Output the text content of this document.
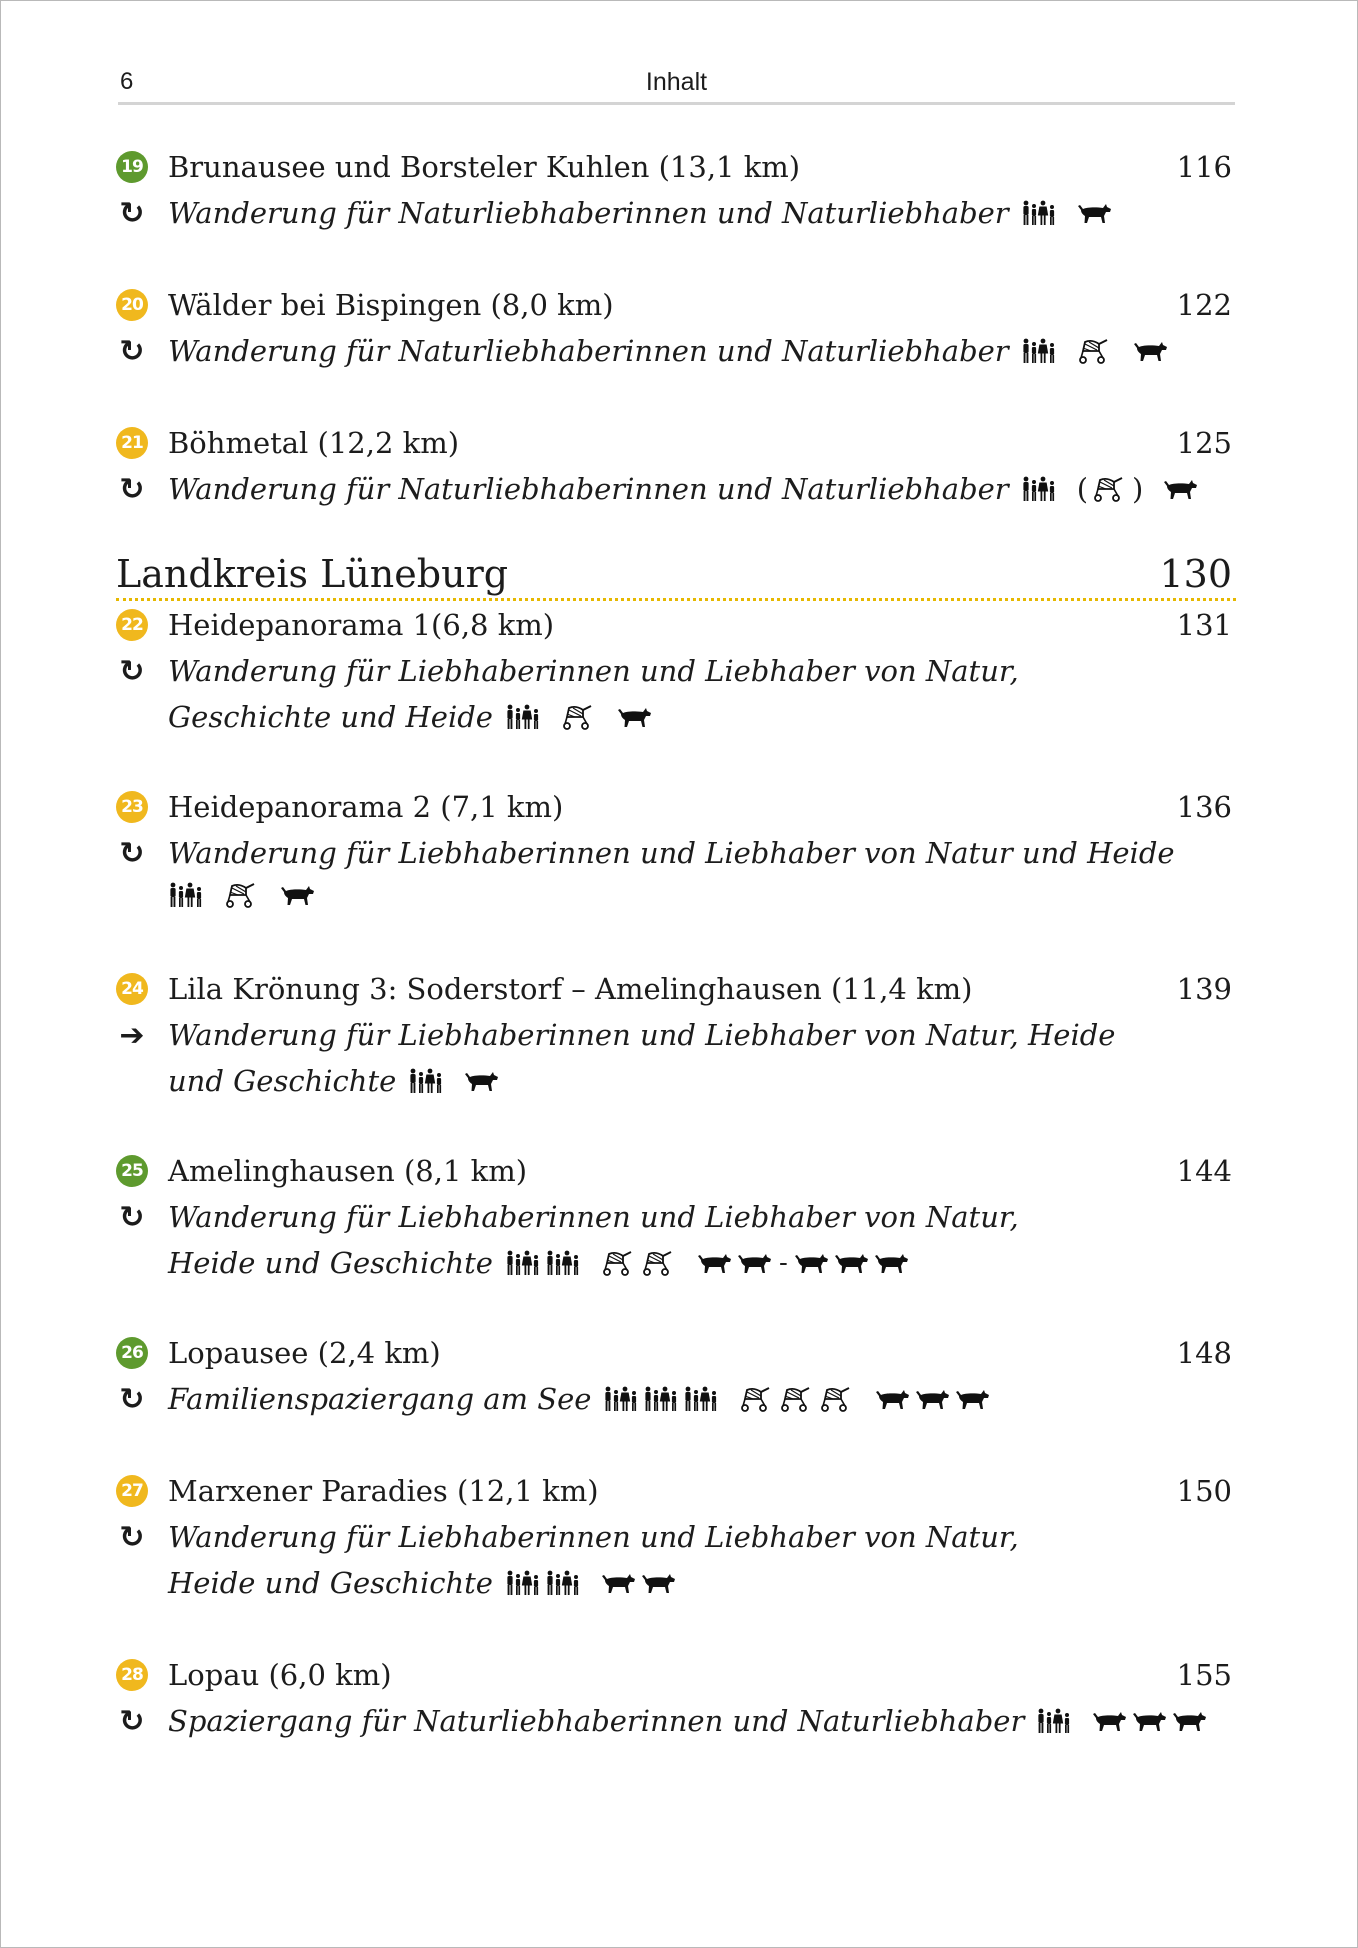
6	Inhalt
19 Brunausee und Borsteler Kuhlen (13,1 km)	116
↻ Wanderung für Naturliebhaberinnen und Naturliebhaber
20 Wälder bei Bispingen (8,0 km)	122
↻ Wanderung für Naturliebhaberinnen und Naturliebhaber
21 Böhmetal (12,2 km)	125
↻ Wanderung für Naturliebhaberinnen und Naturliebhaber ( )
Landkreis Lüneburg	130
22 Heidepanorama 1(6,8 km)	131
↻ Wanderung für Liebhaberinnen und Liebhaber von Natur,
Geschichte und Heide
23 Heidepanorama 2 (7,1 km)	136
↻ Wanderung für Liebhaberinnen und Liebhaber von Natur und Heide
24 Lila Krönung 3: Soderstorf – Amelinghausen (11,4 km)	139
➔ Wanderung für Liebhaberinnen und Liebhaber von Natur, Heide
und Geschichte
25 Amelinghausen (8,1 km)	144
↻ Wanderung für Liebhaberinnen und Liebhaber von Natur,
Heide und Geschichte	-
26 Lopausee (2,4 km)	148
↻ Familienspaziergang am See
27 Marxener Paradies (12,1 km)	150
↻ Wanderung für Liebhaberinnen und Liebhaber von Natur,
Heide und Geschichte
28 Lopau (6,0 km)	155
↻ Spaziergang für Naturliebhaberinnen und Naturliebhaber
